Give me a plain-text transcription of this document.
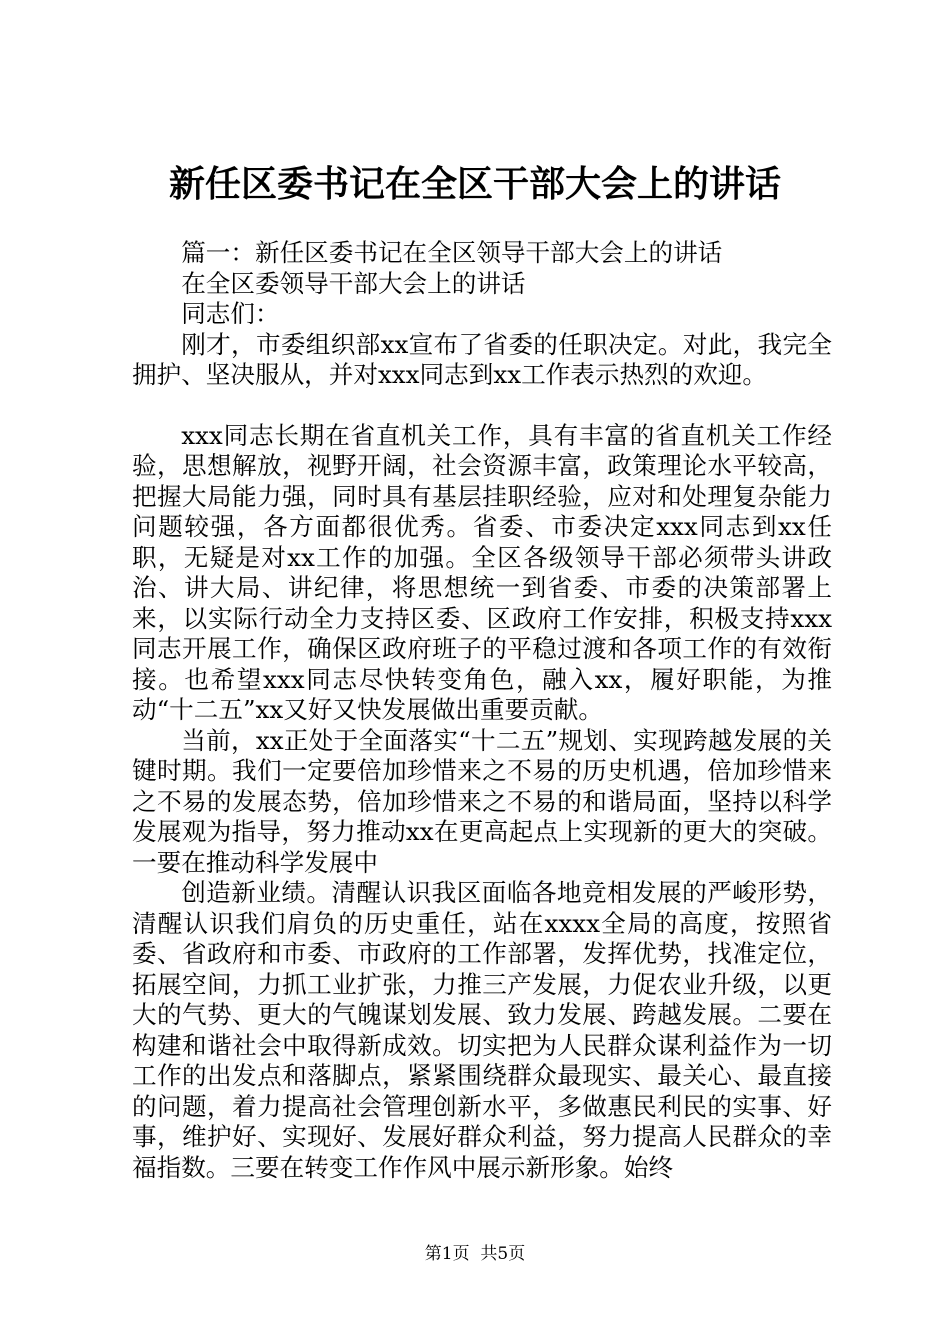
新任区委书记在全区干部大会上的讲话

篇一：新任区委书记在全区领导干部大会上的讲话

在全区委领导干部大会上的讲话

同志们：

刚才，市委组织部xx宣布了省委的任职决定。对此，我完全拥护、坚决服从，并对xxx同志到xx工作表示热烈的欢迎。

xxx同志长期在省直机关工作，具有丰富的省直机关工作经验，思想解放，视野开阔，社会资源丰富，政策理论水平较高，把握大局能力强，同时具有基层挂职经验，应对和处理复杂能力问题较强，各方面都很优秀。省委、市委决定xxx同志到xx任职，无疑是对xx工作的加强。全区各级领导干部必须带头讲政治、讲大局、讲纪律，将思想统一到省委、市委的决策部署上来，以实际行动全力支持区委、区政府工作安排，积极支持xxx同志开展工作，确保区政府班子的平稳过渡和各项工作的有效衔接。也希望xxx同志尽快转变角色，融入xx，履好职能，为推动“十二五”xx又好又快发展做出重要贡献。

当前，xx正处于全面落实“十二五”规划、实现跨越发展的关键时期。我们一定要倍加珍惜来之不易的历史机遇，倍加珍惜来之不易的发展态势，倍加珍惜来之不易的和谐局面，坚持以科学发展观为指导，努力推动xx在更高起点上实现新的更大的突破。一要在推动科学发展中

创造新业绩。清醒认识我区面临各地竞相发展的严峻形势，清醒认识我们肩负的历史重任，站在xxxx全局的高度，按照省委、省政府和市委、市政府的工作部署，发挥优势，找准定位，拓展空间，力抓工业扩张，力推三产发展，力促农业升级，以更大的气势、更大的气魄谋划发展、致力发展、跨越发展。二要在构建和谐社会中取得新成效。切实把为人民群众谋利益作为一切工作的出发点和落脚点，紧紧围绕群众最现实、最关心、最直接的问题，着力提高社会管理创新水平，多做惠民利民的实事、好事，维护好、实现好、发展好群众利益，努力提高人民群众的幸福指数。三要在转变工作作风中展示新形象。始终

第1页  共5页
